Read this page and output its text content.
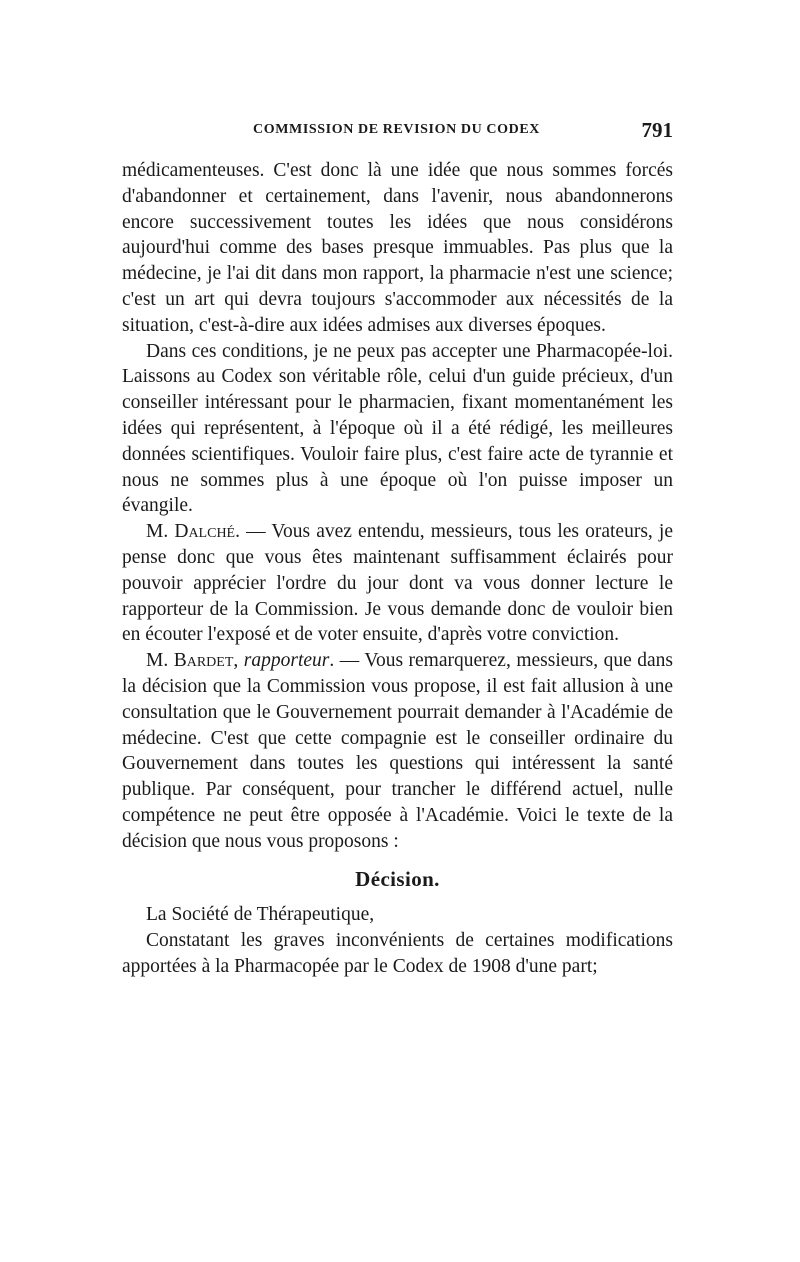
COMMISSION DE REVISION DU CODEX	791

médicamenteuses. C'est donc là une idée que nous sommes forcés d'abandonner et certainement, dans l'avenir, nous abandonnerons encore successivement toutes les idées que nous considérons aujourd'hui comme des bases presque immuables. Pas plus que la médecine, je l'ai dit dans mon rapport, la pharmacie n'est une science; c'est un art qui devra toujours s'accommoder aux nécessités de la situation, c'est-à-dire aux idées admises aux diverses époques.

Dans ces conditions, je ne peux pas accepter une Pharmacopée-loi. Laissons au Codex son véritable rôle, celui d'un guide précieux, d'un conseiller intéressant pour le pharmacien, fixant momentanément les idées qui représentent, à l'époque où il a été rédigé, les meilleures données scientifiques. Vouloir faire plus, c'est faire acte de tyrannie et nous ne sommes plus à une époque où l'on puisse imposer un évangile.

M. Dalché. — Vous avez entendu, messieurs, tous les orateurs, je pense donc que vous êtes maintenant suffisamment éclairés pour pouvoir apprécier l'ordre du jour dont va vous donner lecture le rapporteur de la Commission. Je vous demande donc de vouloir bien en écouter l'exposé et de voter ensuite, d'après votre conviction.

M. Bardet, rapporteur. — Vous remarquerez, messieurs, que dans la décision que la Commission vous propose, il est fait allusion à une consultation que le Gouvernement pourrait demander à l'Académie de médecine. C'est que cette compagnie est le conseiller ordinaire du Gouvernement dans toutes les questions qui intéressent la santé publique. Par conséquent, pour trancher le différend actuel, nulle compétence ne peut être opposée à l'Académie. Voici le texte de la décision que nous vous proposons :

Décision.

La Société de Thérapeutique,

Constatant les graves inconvénients de certaines modifications apportées à la Pharmacopée par le Codex de 1908 d'une part;
